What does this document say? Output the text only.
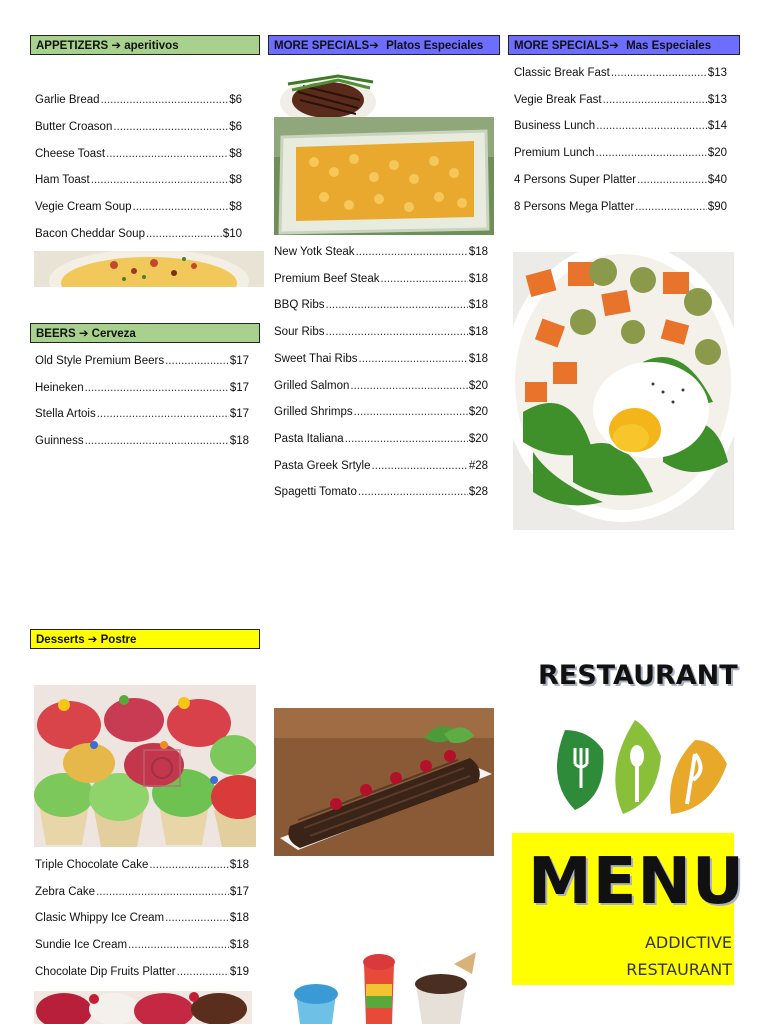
APPETIZERS ➔ aperitivos
Garlie Bread .....	$6
Butter Croason .....	$6
Cheese Toast .....	$8
Ham Toast .....	$8
Vegie Cream Soup .....	$8
Bacon Cheddar Soup .....	$10
BEERS ➔ Cerveza
Old Style Premium Beers .....	$17
Heineken .....	$17
Stella Artois .....	$17
Guinness .....	$18
Desserts ➔ Postre
Triple Chocolate Cake .....	$18
Zebra Cake .....	$17
Clasic Whippy Ice Cream .....	$18
Sundie Ice Cream .....	$18
Chocolate Dip Fruits Platter .....	$19
MORE SPECIALS➔ Platos Especiales
New Yotk Steak .....	$18
Premium Beef Steak .....	$18
BBQ Ribs .....	$18
Sour Ribs .....	$18
Sweet Thai Ribs .....	$18
Grilled Salmon .....	$20
Grilled Shrimps .....	$20
Pasta Italiana .....	$20
Pasta Greek Srtyle .....	#28
Spagetti Tomato .....	$28
MORE SPECIALS➔ Mas Especiales
Classic Break Fast .....	$13
Vegie Break Fast .....	$13
Business Lunch .....	$14
Premium Lunch .....	$20
4 Persons Super Platter .....	$40
8 Persons Mega Platter .....	$90
RESTAURANT
MENU
ADDICTIVE
RESTAURANT
